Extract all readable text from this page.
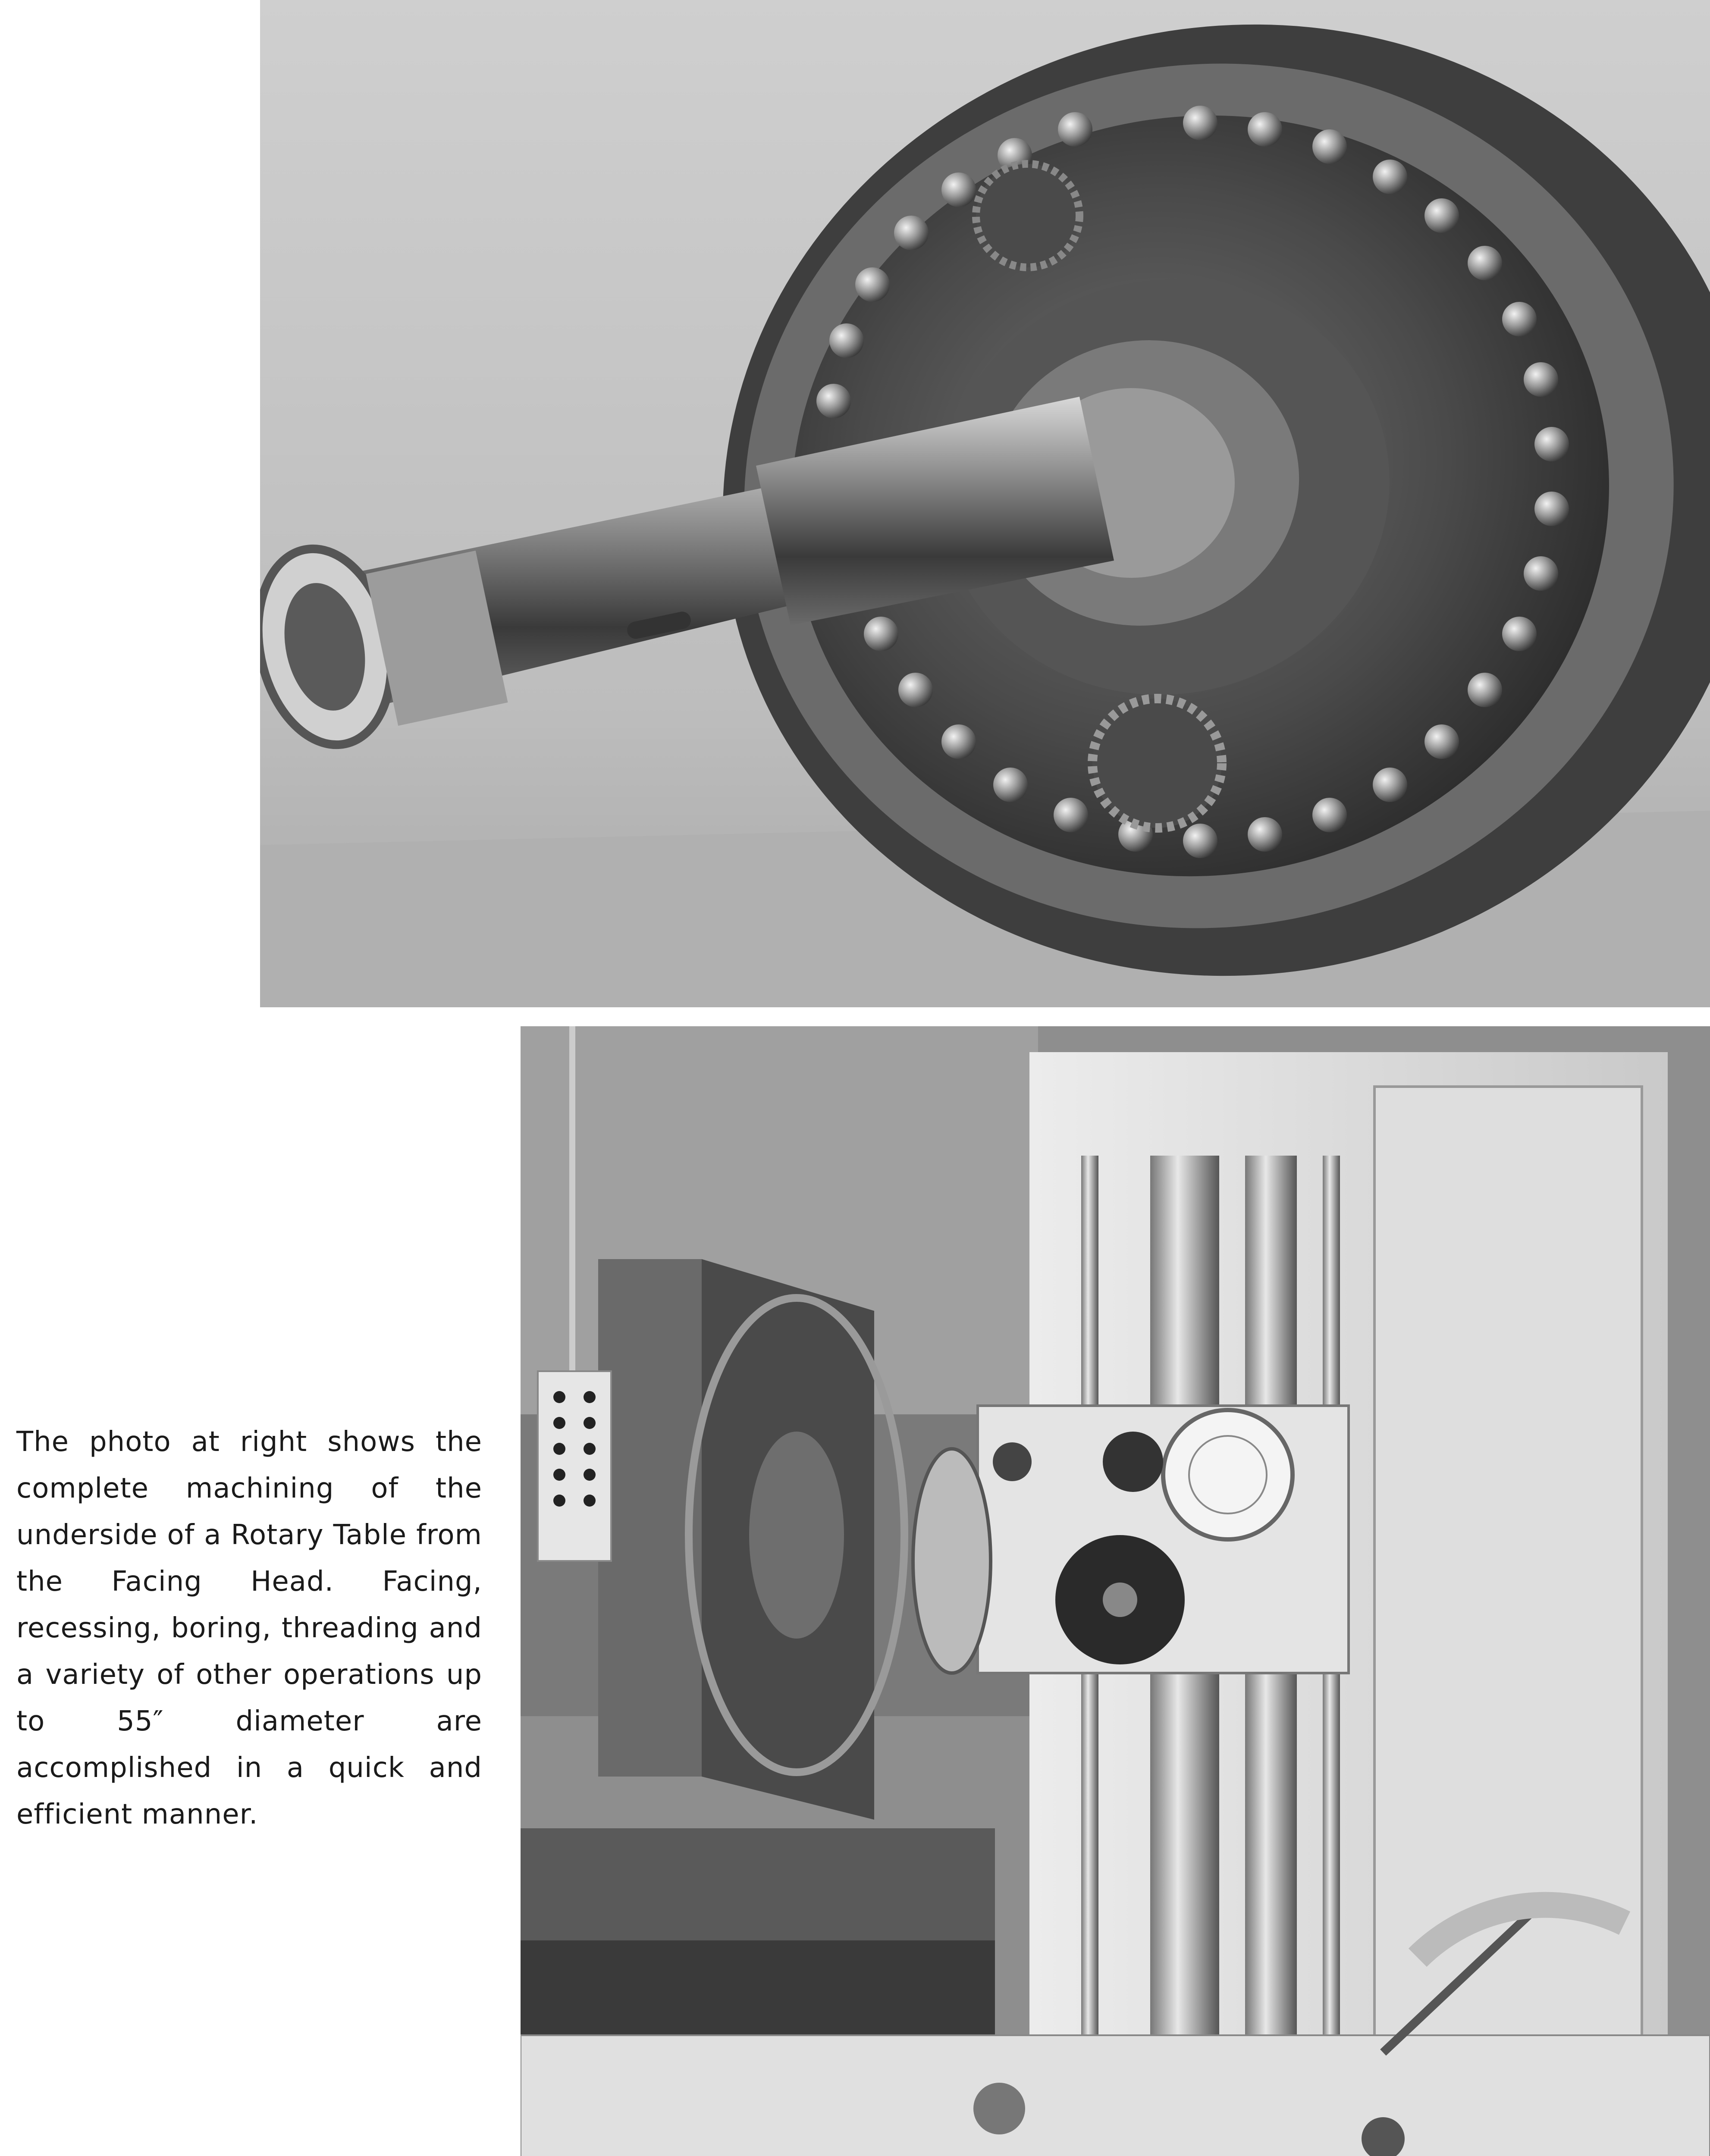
The photo at right shows the complete machining of the underside of a Rotary Table from the Facing Head. Facing, recessing, boring, threading and a variety of other operations up to 55″ diameter are accomplished in a quick and efficient manner.
